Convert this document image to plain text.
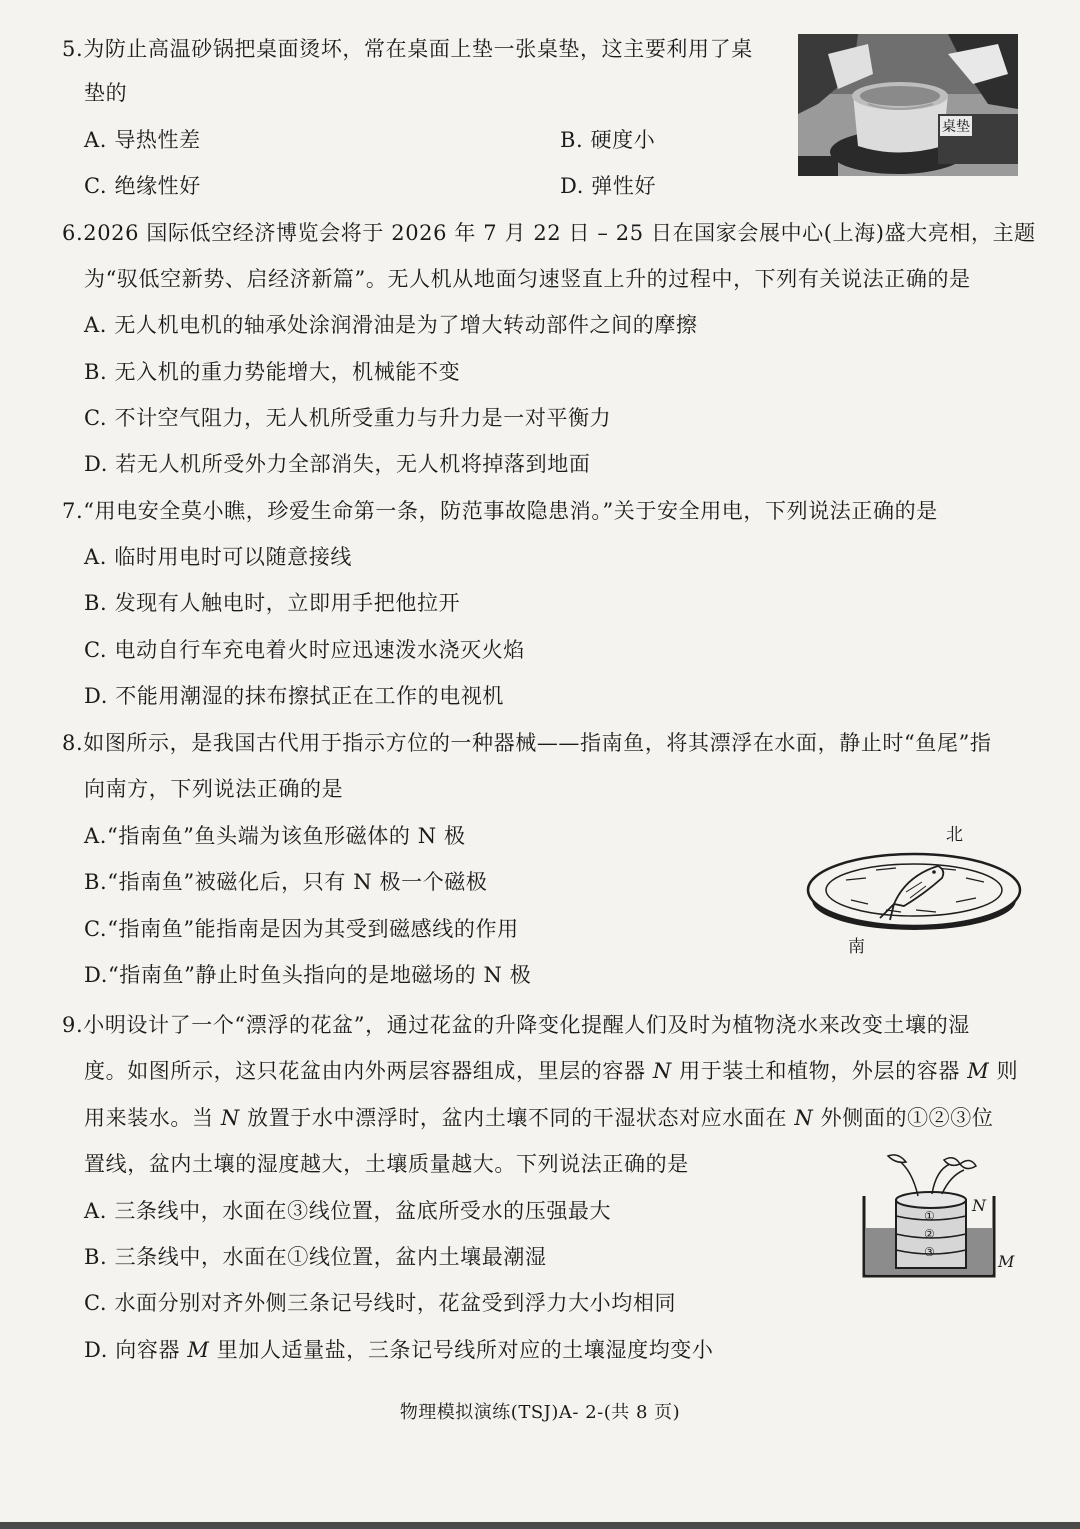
5.为防止高温砂锅把桌面烫坏，常在桌面上垫一张桌垫，这主要利用了桌
垫的
A. 导热性差	B. 硬度小
C. 绝缘性好	D. 弹性好
桌垫
6.2026 国际低空经济博览会将于 2026 年 7 月 22 日 – 25 日在国家会展中心(上海)盛大亮相，主题
为“驭低空新势、启经济新篇”。无人机从地面匀速竖直上升的过程中，下列有关说法正确的是
A. 无人机电机的轴承处涂润滑油是为了增大转动部件之间的摩擦
B. 无入机的重力势能增大，机械能不变
C. 不计空气阻力，无人机所受重力与升力是一对平衡力
D. 若无人机所受外力全部消失，无人机将掉落到地面
7.“用电安全莫小瞧，珍爱生命第一条，防范事故隐患消。”关于安全用电，下列说法正确的是
A. 临时用电时可以随意接线
B. 发现有人触电时，立即用手把他拉开
C. 电动自行车充电着火时应迅速泼水浇灭火焰
D. 不能用潮湿的抹布擦拭正在工作的电视机
8.如图所示，是我国古代用于指示方位的一种器械——指南鱼，将其漂浮在水面，静止时“鱼尾”指
向南方，下列说法正确的是
A.“指南鱼”鱼头端为该鱼形磁体的 N 极
B.“指南鱼”被磁化后，只有 N 极一个磁极
C.“指南鱼”能指南是因为其受到磁感线的作用
D.“指南鱼”静止时鱼头指向的是地磁场的 N 极
北
南
9.小明设计了一个“漂浮的花盆”，通过花盆的升降变化提醒人们及时为植物浇水来改变土壤的湿
度。如图所示，这只花盆由内外两层容器组成，里层的容器 N 用于装土和植物，外层的容器 M 则
用来装水。当 N 放置于水中漂浮时，盆内土壤不同的干湿状态对应水面在 N 外侧面的①②③位
置线，盆内土壤的湿度越大，土壤质量越大。下列说法正确的是
A. 三条线中，水面在③线位置，盆底所受水的压强最大
B. 三条线中，水面在①线位置，盆内土壤最潮湿
C. 水面分别对齐外侧三条记号线时，花盆受到浮力大小均相同
D. 向容器 M 里加人适量盐，三条记号线所对应的土壤湿度均变小
①
②
③
N
M
物理模拟演练(TSJ)A- 2-(共 8 页)
